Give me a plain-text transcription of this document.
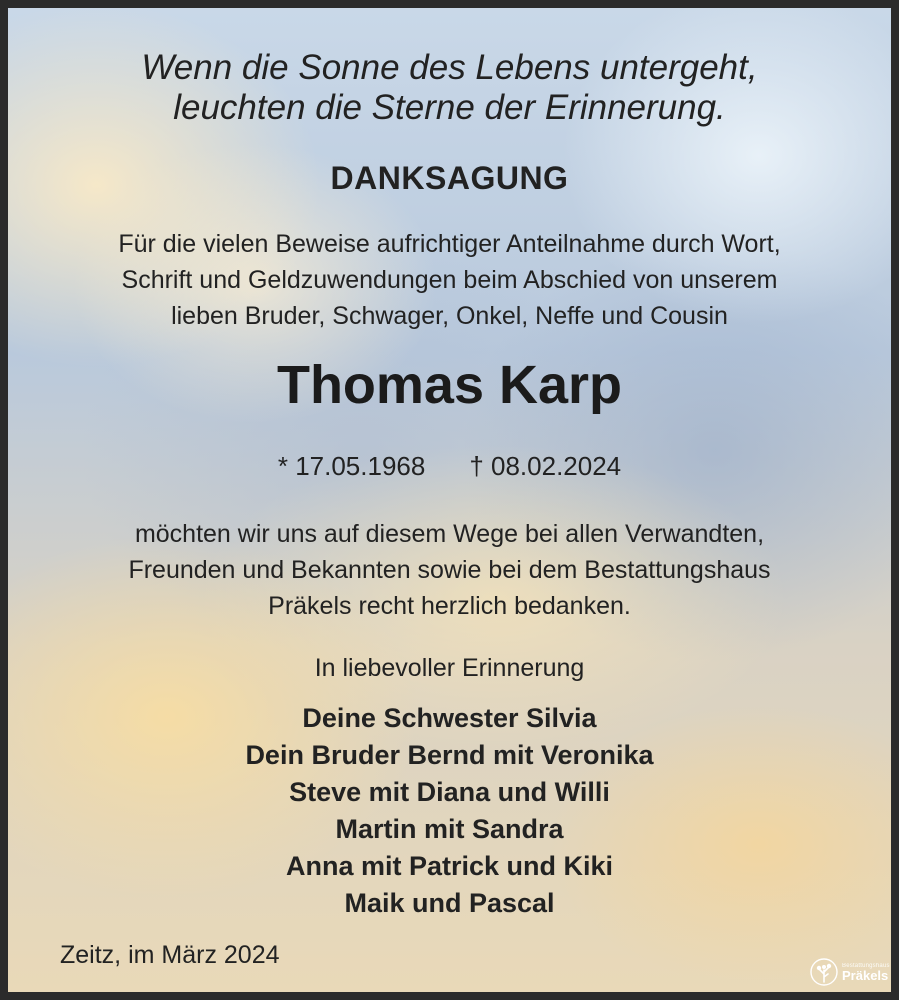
Wenn die Sonne des Lebens untergeht,
leuchten die Sterne der Erinnerung.
DANKSAGUNG
Für die vielen Beweise aufrichtiger Anteilnahme durch Wort,
Schrift und Geldzuwendungen beim Abschied von unserem
lieben Bruder, Schwager, Onkel, Neffe und Cousin
Thomas Karp
* 17.05.1968 † 08.02.2024
möchten wir uns auf diesem Wege bei allen Verwandten,
Freunden und Bekannten sowie bei dem Bestattungshaus
Präkels recht herzlich bedanken.
In liebevoller Erinnerung
Deine Schwester Silvia
Dein Bruder Bernd mit Veronika
Steve mit Diana und Willi
Martin mit Sandra
Anna mit Patrick und Kiki
Maik und Pascal
Zeitz, im März 2024	Bestattungshaus
Präkels
